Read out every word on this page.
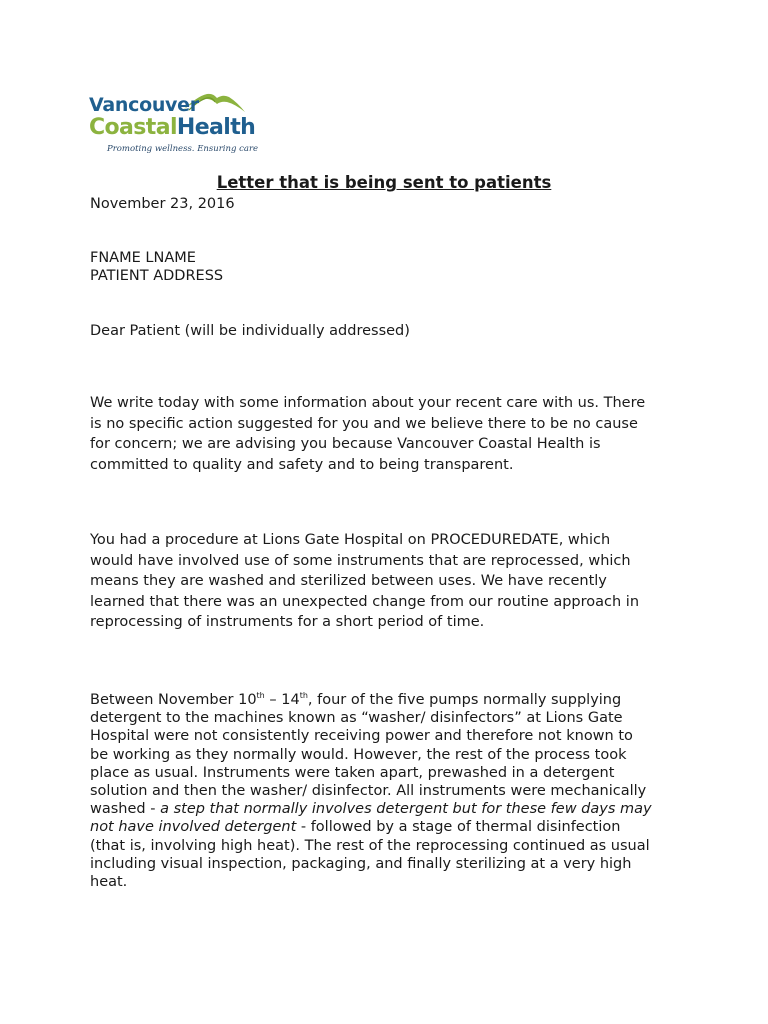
Vancouver
CoastalHealth
Promoting wellness. Ensuring care
Letter that is being sent to patients

November 23, 2016

FNAME LNAME

PATIENT ADDRESS

Dear Patient (will be individually addressed)

We write today with some information about your recent care with us. There
is no specific action suggested for you and we believe there to be no cause
for concern; we are advising you because Vancouver Coastal Health is
committed to quality and safety and to being transparent.
You had a procedure at Lions Gate Hospital on PROCEDUREDATE, which
would have involved use of some instruments that are reprocessed, which
means they are washed and sterilized between uses. We have recently
learned that there was an unexpected change from our routine approach in
reprocessing of instruments for a short period of time.
Between November 10th – 14th, four of the five pumps normally supplying
detergent to the machines known as “washer/ disinfectors” at Lions Gate
Hospital were not consistently receiving power and therefore not known to
be working as they normally would. However, the rest of the process took
place as usual. Instruments were taken apart, prewashed in a detergent
solution and then the washer/ disinfector. All instruments were mechanically
washed - a step that normally involves detergent but for these few days may
not have involved detergent - followed by a stage of thermal disinfection
(that is, involving high heat). The rest of the reprocessing continued as usual
including visual inspection, packaging, and finally sterilizing at a very high
heat.
